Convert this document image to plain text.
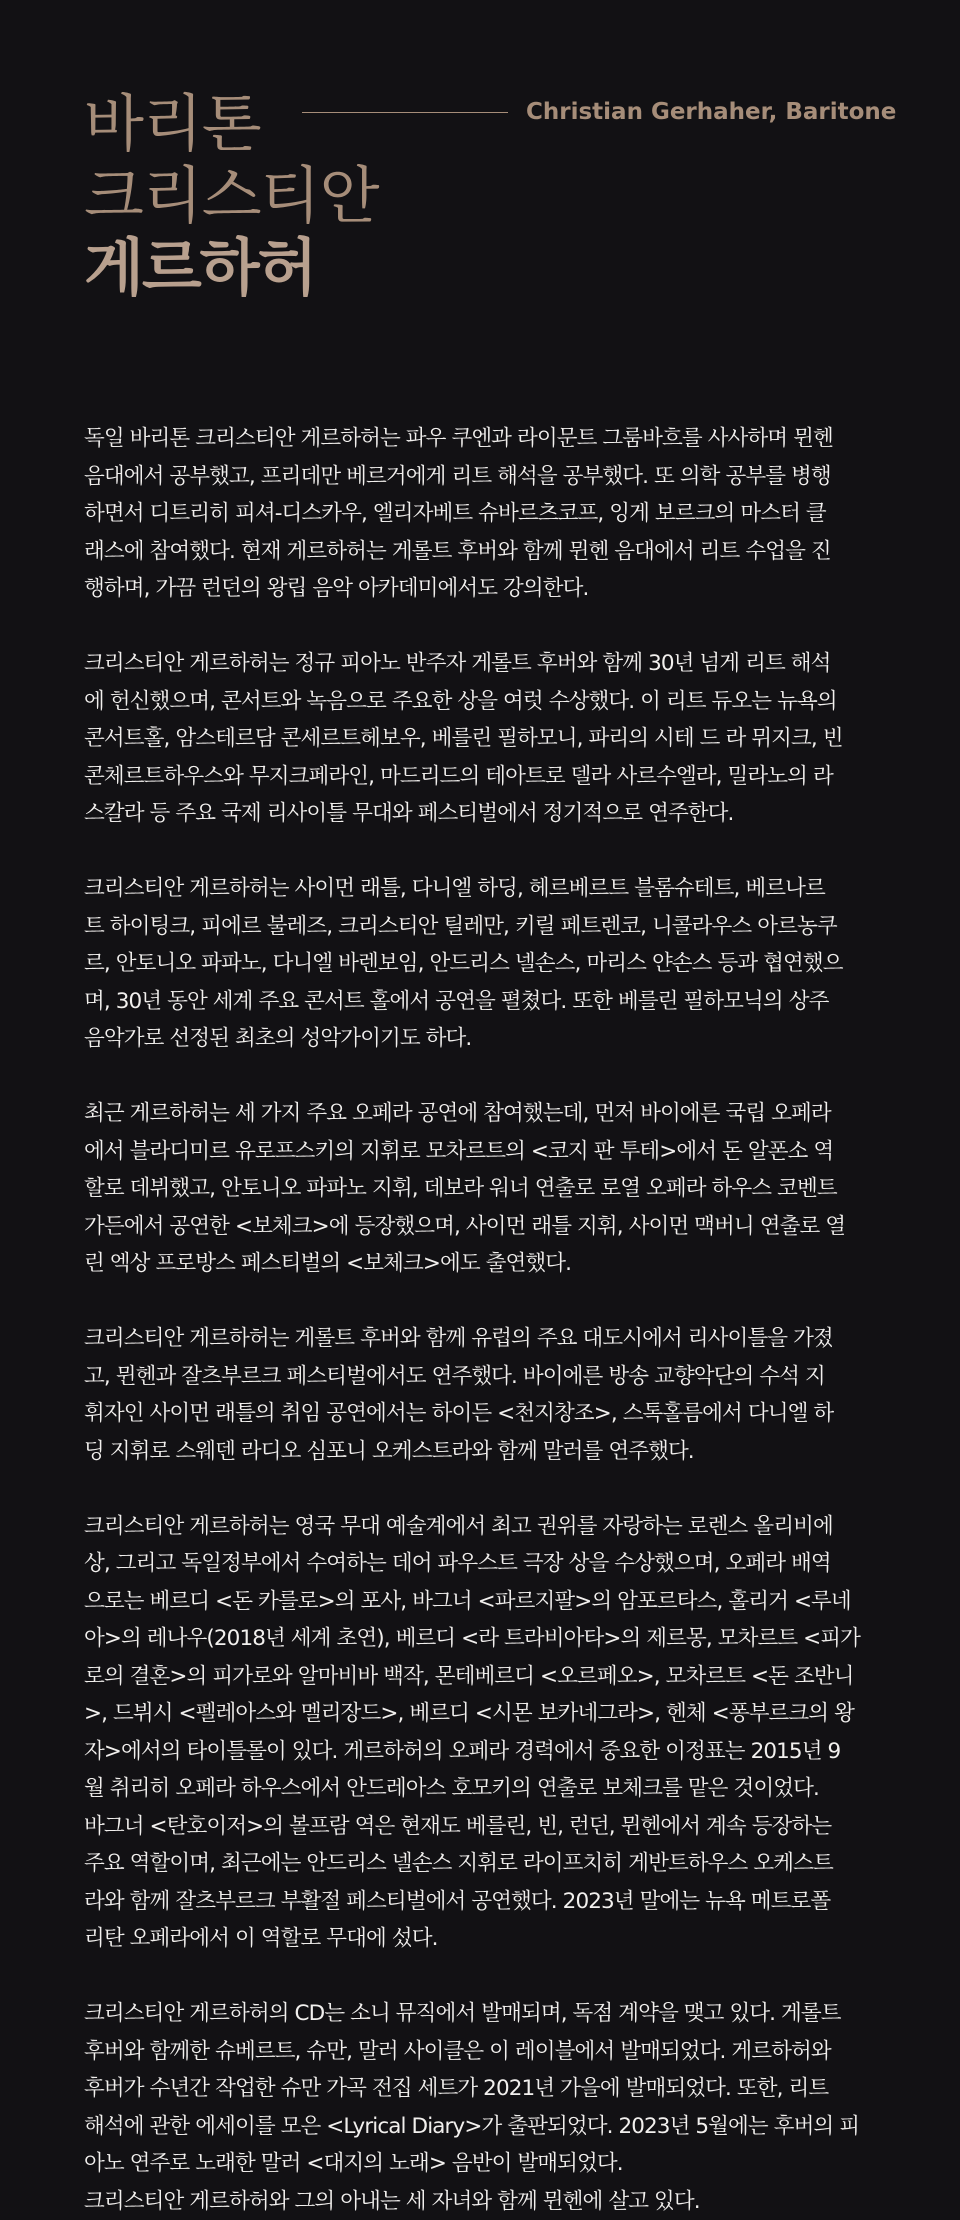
바리톤
크리스티안
게르하허
Christian Gerhaher, Baritone

독일 바리톤 크리스티안 게르하허는 파우 쿠엔과 라이문트 그룸바흐를 사사하며 뮌헨
음대에서 공부했고, 프리데만 베르거에게 리트 해석을 공부했다. 또 의학 공부를 병행
하면서 디트리히 피셔-디스카우, 엘리자베트 슈바르츠코프, 잉게 보르크의 마스터 클
래스에 참여했다. 현재 게르하허는 게롤트 후버와 함께 뮌헨 음대에서 리트 수업을 진
행하며, 가끔 런던의 왕립 음악 아카데미에서도 강의한다.

크리스티안 게르하허는 정규 피아노 반주자 게롤트 후버와 함께 30년 넘게 리트 해석
에 헌신했으며, 콘서트와 녹음으로 주요한 상을 여럿 수상했다. 이 리트 듀오는 뉴욕의
콘서트홀, 암스테르담 콘세르트헤보우, 베를린 필하모니, 파리의 시테 드 라 뮈지크, 빈
콘체르트하우스와 무지크페라인, 마드리드의 테아트로 델라 사르수엘라, 밀라노의 라
스칼라 등 주요 국제 리사이틀 무대와 페스티벌에서 정기적으로 연주한다.

크리스티안 게르하허는 사이먼 래틀, 다니엘 하딩, 헤르베르트 블롬슈테트, 베르나르
트 하이팅크, 피에르 불레즈, 크리스티안 틸레만, 키릴 페트렌코, 니콜라우스 아르농쿠
르, 안토니오 파파노, 다니엘 바렌보임, 안드리스 넬손스, 마리스 얀손스 등과 협연했으
며, 30년 동안 세계 주요 콘서트 홀에서 공연을 펼쳤다. 또한 베를린 필하모닉의 상주
음악가로 선정된 최초의 성악가이기도 하다.

최근 게르하허는 세 가지 주요 오페라 공연에 참여했는데, 먼저 바이에른 국립 오페라
에서 블라디미르 유로프스키의 지휘로 모차르트의 <코지 판 투테>에서 돈 알폰소 역
할로 데뷔했고, 안토니오 파파노 지휘, 데보라 워너 연출로 로열 오페라 하우스 코벤트
가든에서 공연한 <보체크>에 등장했으며, 사이먼 래틀 지휘, 사이먼 맥버니 연출로 열
린 엑상 프로방스 페스티벌의 <보체크>에도 출연했다.

크리스티안 게르하허는 게롤트 후버와 함께 유럽의 주요 대도시에서 리사이틀을 가졌
고, 뮌헨과 잘츠부르크 페스티벌에서도 연주했다. 바이에른 방송 교향악단의 수석 지
휘자인 사이먼 래틀의 취임 공연에서는 하이든 <천지창조>, 스톡홀름에서 다니엘 하
딩 지휘로 스웨덴 라디오 심포니 오케스트라와 함께 말러를 연주했다.

크리스티안 게르하허는 영국 무대 예술계에서 최고 권위를 자랑하는 로렌스 올리비에
상, 그리고 독일정부에서 수여하는 데어 파우스트 극장 상을 수상했으며, 오페라 배역
으로는 베르디 <돈 카를로>의 포사, 바그너 <파르지팔>의 암포르타스, 홀리거 <루네
아>의 레나우(2018년 세계 초연), 베르디 <라 트라비아타>의 제르몽, 모차르트 <피가
로의 결혼>의 피가로와 알마비바 백작, 몬테베르디 <오르페오>, 모차르트 <돈 조반니
>, 드뷔시 <펠레아스와 멜리장드>, 베르디 <시몬 보카네그라>, 헨체 <퐁부르크의 왕
자>에서의 타이틀롤이 있다. 게르하허의 오페라 경력에서 중요한 이정표는 2015년 9
월 취리히 오페라 하우스에서 안드레아스 호모키의 연출로 보체크를 맡은 것이었다.
바그너 <탄호이저>의 볼프람 역은 현재도 베를린, 빈, 런던, 뮌헨에서 계속 등장하는
주요 역할이며, 최근에는 안드리스 넬손스 지휘로 라이프치히 게반트하우스 오케스트
라와 함께 잘츠부르크 부활절 페스티벌에서 공연했다. 2023년 말에는 뉴욕 메트로폴
리탄 오페라에서 이 역할로 무대에 섰다.

크리스티안 게르하허의 CD는 소니 뮤직에서 발매되며, 독점 계약을 맺고 있다. 게롤트
후버와 함께한 슈베르트, 슈만, 말러 사이클은 이 레이블에서 발매되었다. 게르하허와
후버가 수년간 작업한 슈만 가곡 전집 세트가 2021년 가을에 발매되었다. 또한, 리트
해석에 관한 에세이를 모은 <Lyrical Diary>가 출판되었다. 2023년 5월에는 후버의 피
아노 연주로 노래한 말러 <대지의 노래> 음반이 발매되었다.
크리스티안 게르하허와 그의 아내는 세 자녀와 함께 뮌헨에 살고 있다.
